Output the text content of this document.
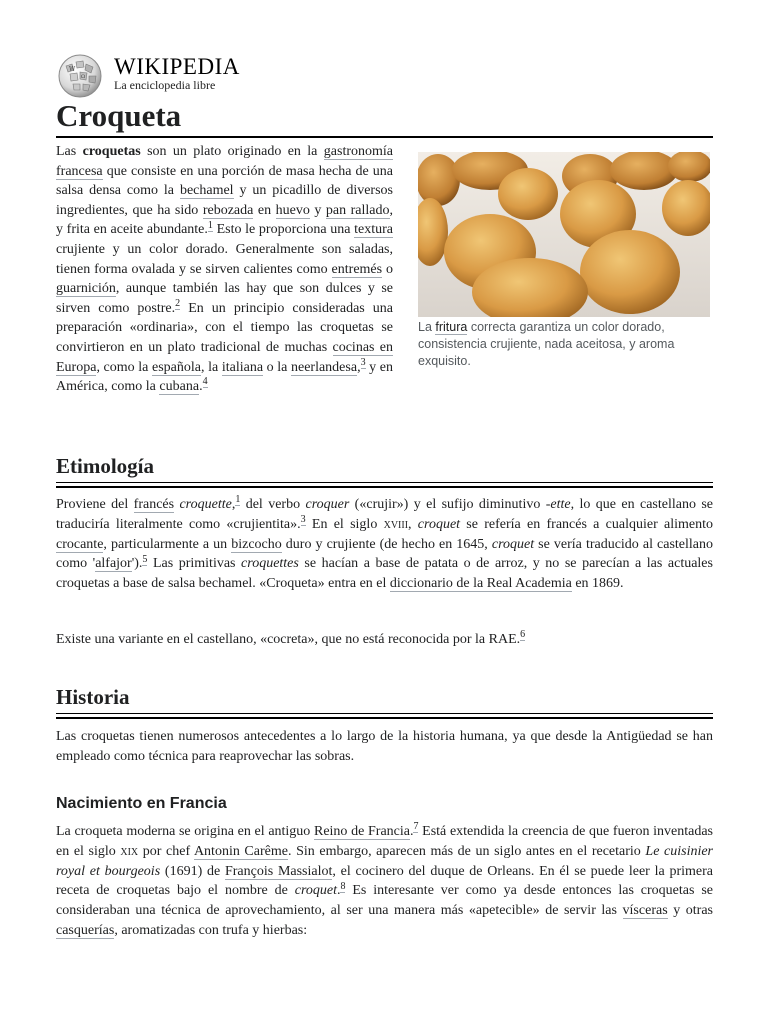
W
Ω WIKIPEDIA
La enciclopedia libre
Croqueta

Las croquetas son un plato originado en la gastronomía francesa que consiste en una porción de masa hecha de una salsa densa como la bechamel y un picadillo de diversos ingredientes, que ha sido rebozada en huevo y pan rallado, y frita en aceite abundante.$^1$ Esto le proporciona una textura crujiente y un color dorado. Generalmente son saladas, tienen forma ovalada y se sirven calientes como entremés o guarnición, aunque también las hay que son dulces y se sirven como postre.$^2$ En un principio consideradas una preparación «ordinaria», con el tiempo las croquetas se convirtieron en un plato tradicional de muchas cocinas en Europa, como la española, la italiana o la neerlandesa,$^3$ y en América, como la cubana.$^4$

La fritura correcta garantiza un color dorado, consistencia crujiente, nada aceitosa, y aroma exquisito.
Etimología

Proviene del francés croquette,$^1$ del verbo croquer («crujir») y el sufijo diminutivo -ette, lo que en castellano se traduciría literalmente como «crujientita».$^3$ En el siglo xviii, croquet se refería en francés a cualquier alimento crocante, particularmente a un bizcocho duro y crujiente (de hecho en 1645, croquet se vería traducido al castellano como 'alfajor').$^5$ Las primitivas croquettes se hacían a base de patata o de arroz, y no se parecían a las actuales croquetas a base de salsa bechamel. «Croqueta» entra en el diccionario de la Real Academia en 1869.

Existe una variante en el castellano, «cocreta», que no está reconocida por la RAE.$^6$

Historia

Las croquetas tienen numerosos antecedentes a lo largo de la historia humana, ya que desde la Antigüedad se han empleado como técnica para reaprovechar las sobras.

Nacimiento en Francia

La croqueta moderna se origina en el antiguo Reino de Francia.$^7$ Está extendida la creencia de que fueron inventadas en el siglo xix por chef Antonin Carême. Sin embargo, aparecen más de un siglo antes en el recetario Le cuisinier royal et bourgeois (1691) de François Massialot, el cocinero del duque de Orleans. En él se puede leer la primera receta de croquetas bajo el nombre de croquet.$^8$ Es interesante ver como ya desde entonces las croquetas se consideraban una técnica de aprovechamiento, al ser una manera más «apetecible» de servir las vísceras y otras casquerías, aromatizadas con trufa y hierbas:
